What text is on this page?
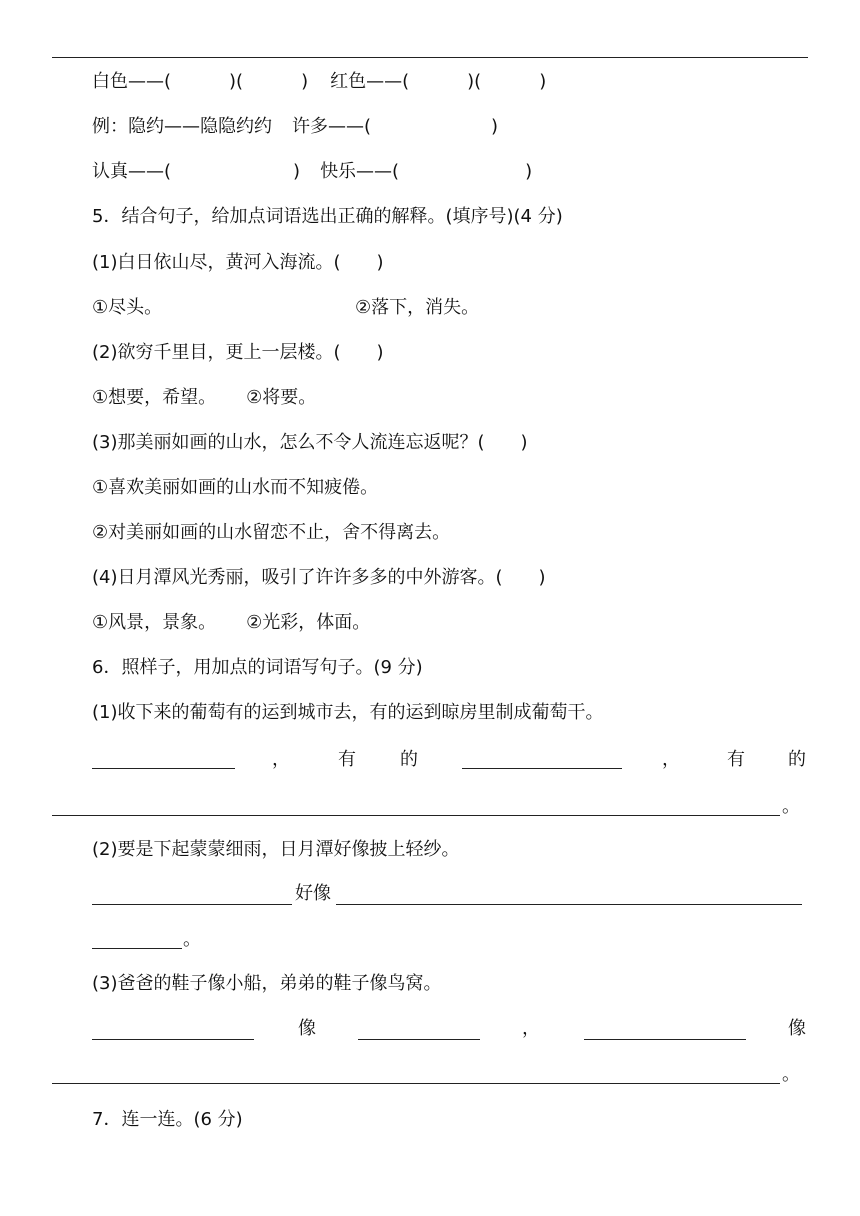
白色——(	)(	) 红色——(	)(	)
例：隐约——隐隐约约 许多——(	)
认真——(	) 快乐——(	)
5．结合句子，给加点词语选出正确的解释。(填序号)(4 分)
(1)白日依山尽，黄河入海流。(　　)
①尽头。	②落下，消失。
(2)欲穷千里目，更上一层楼。(　　)
①想要，希望。 ②将要。
(3)那美丽如画的山水，怎么不令人流连忘返呢？(　　)
①喜欢美丽如画的山水而不知疲倦。
②对美丽如画的山水留恋不止，舍不得离去。
(4)日月潭风光秀丽，吸引了许许多多的中外游客。(　　)
①风景，景象。 ②光彩，体面。
6．照样子，用加点的词语写句子。(9 分)
(1)收下来的葡萄有的运到城市去，有的运到晾房里制成葡萄干。
，	有 的	，	有 的
。
(2)要是下起蒙蒙细雨，日月潭好像披上轻纱。
好像
。
(3)爸爸的鞋子像小船，弟弟的鞋子像鸟窝。
像	，	像
。
7．连一连。(6 分)
